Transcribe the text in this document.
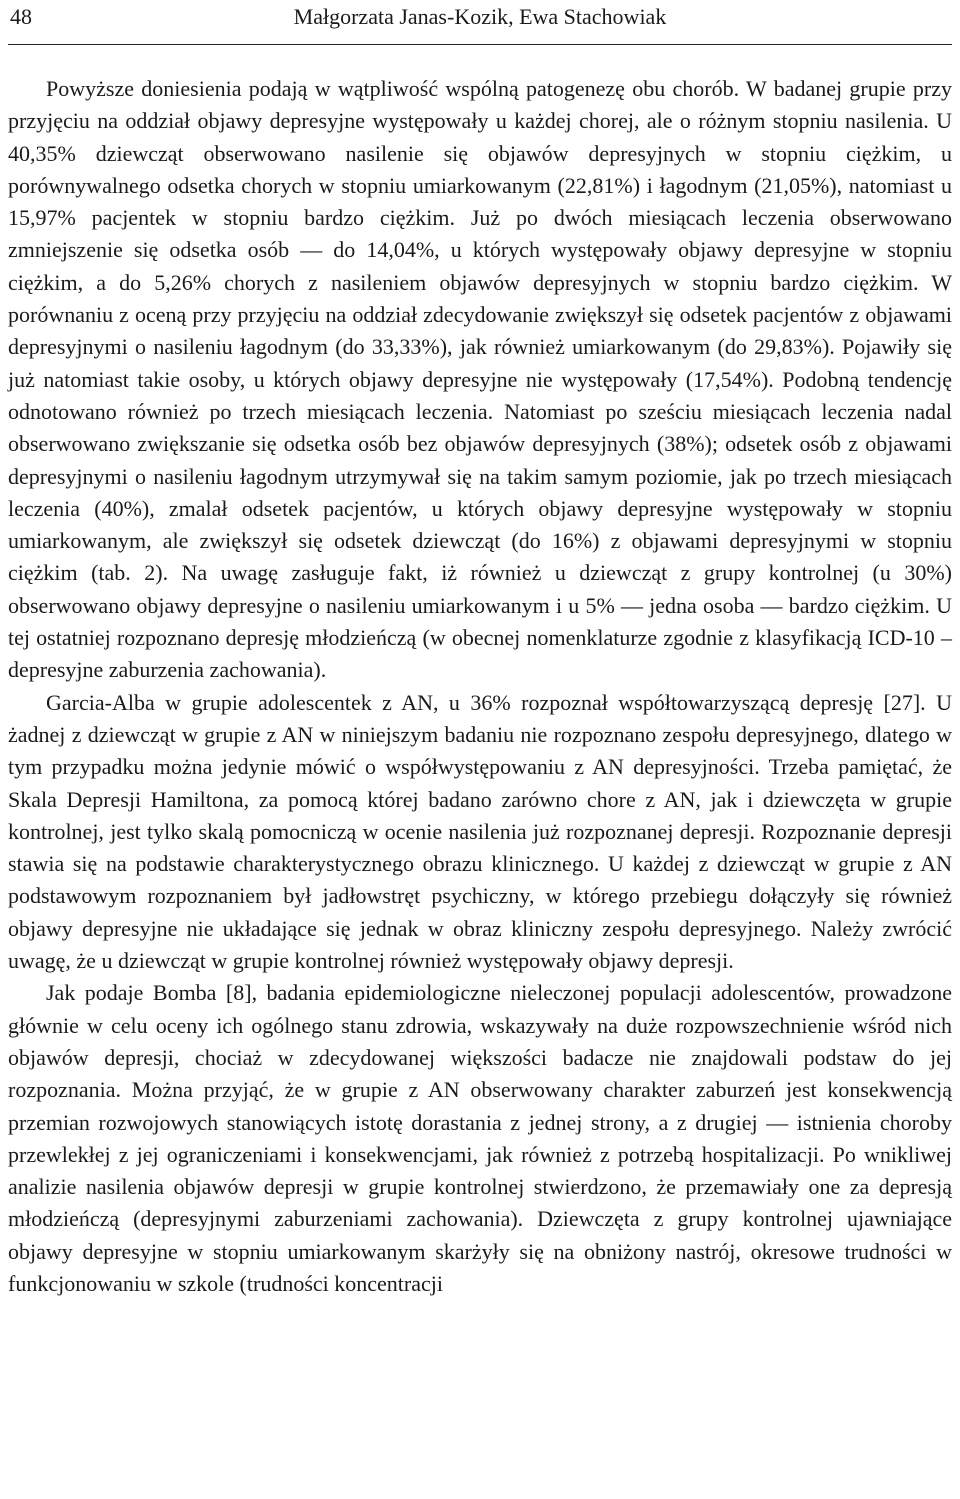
48	Małgorzata Janas-Kozik, Ewa Stachowiak

Powyższe doniesienia podają w wątpliwość wspólną patogenezę obu chorób. W badanej grupie przy przyjęciu na oddział objawy depresyjne występowały u każdej chorej, ale o różnym stopniu nasilenia. U 40,35% dziewcząt obserwowano nasilenie się objawów depresyjnych w stopniu ciężkim, u porównywalnego odsetka chorych w stopniu umiarkowanym (22,81%) i łagodnym (21,05%), natomiast u 15,97% pacjentek w stopniu bardzo ciężkim. Już po dwóch miesiącach leczenia obserwowano zmniejszenie się odsetka osób — do 14,04%, u których występowały objawy depresyjne w stopniu ciężkim, a do 5,26% chorych z nasileniem objawów depresyjnych w stopniu bardzo ciężkim. W porównaniu z oceną przy przyjęciu na oddział zdecydowanie zwiększył się odsetek pacjentów z objawami depresyjnymi o nasileniu łagodnym (do 33,33%), jak również umiarkowanym (do 29,83%). Pojawiły się już natomiast takie osoby, u których objawy depresyjne nie występowały (17,54%). Podobną tendencję odnotowano również po trzech miesiącach leczenia. Natomiast po sześciu miesiącach leczenia nadal obserwowano zwiększanie się odsetka osób bez objawów depresyjnych (38%); odsetek osób z objawami depresyjnymi o nasileniu łagodnym utrzymywał się na takim samym poziomie, jak po trzech miesiącach leczenia (40%), zmalał odsetek pacjentów, u których objawy depresyjne występowały w stopniu umiarkowanym, ale zwiększył się odsetek dziewcząt (do 16%) z objawami depresyjnymi w stopniu ciężkim (tab. 2). Na uwagę zasługuje fakt, iż również u dziewcząt z grupy kontrolnej (u 30%) obserwowano objawy depresyjne o nasileniu umiarkowanym i u 5% — jedna osoba — bardzo ciężkim. U tej ostatniej rozpoznano depresję młodzieńczą (w obecnej nomenklaturze zgodnie z klasyfikacją ICD-10 – depresyjne zaburzenia zachowania).

Garcia-Alba w grupie adolescentek z AN, u 36% rozpoznał współtowarzyszącą depresję [27]. U żadnej z dziewcząt w grupie z AN w niniejszym badaniu nie rozpoznano zespołu depresyjnego, dlatego w tym przypadku można jedynie mówić o współwystępowaniu z AN depresyjności. Trzeba pamiętać, że Skala Depresji Hamiltona, za pomocą której badano zarówno chore z AN, jak i dziewczęta w grupie kontrolnej, jest tylko skalą pomocniczą w ocenie nasilenia już rozpoznanej depresji. Rozpoznanie depresji stawia się na podstawie charakterystycznego obrazu klinicznego. U każdej z dziewcząt w grupie z AN podstawowym rozpoznaniem był jadłowstręt psychiczny, w którego przebiegu dołączyły się również objawy depresyjne nie układające się jednak w obraz kliniczny zespołu depresyjnego. Należy zwrócić uwagę, że u dziewcząt w grupie kontrolnej również występowały objawy depresji.

Jak podaje Bomba [8], badania epidemiologiczne nieleczonej populacji adolescentów, prowadzone głównie w celu oceny ich ogólnego stanu zdrowia, wskazywały na duże rozpowszechnienie wśród nich objawów depresji, chociaż w zdecydowanej większości badacze nie znajdowali podstaw do jej rozpoznania. Można przyjąć, że w grupie z AN obserwowany charakter zaburzeń jest konsekwencją przemian rozwojowych stanowiących istotę dorastania z jednej strony, a z drugiej — istnienia choroby przewlekłej z jej ograniczeniami i konsekwencjami, jak również z potrzebą hospitalizacji. Po wnikliwej analizie nasilenia objawów depresji w grupie kontrolnej stwierdzono, że przemawiały one za depresją młodzieńczą (depresyjnymi zaburzeniami zachowania). Dziewczęta z grupy kontrolnej ujawniające objawy depresyjne w stopniu umiarkowanym skarżyły się na obniżony nastrój, okresowe trudności w funkcjonowaniu w szkole (trudności koncentracji
